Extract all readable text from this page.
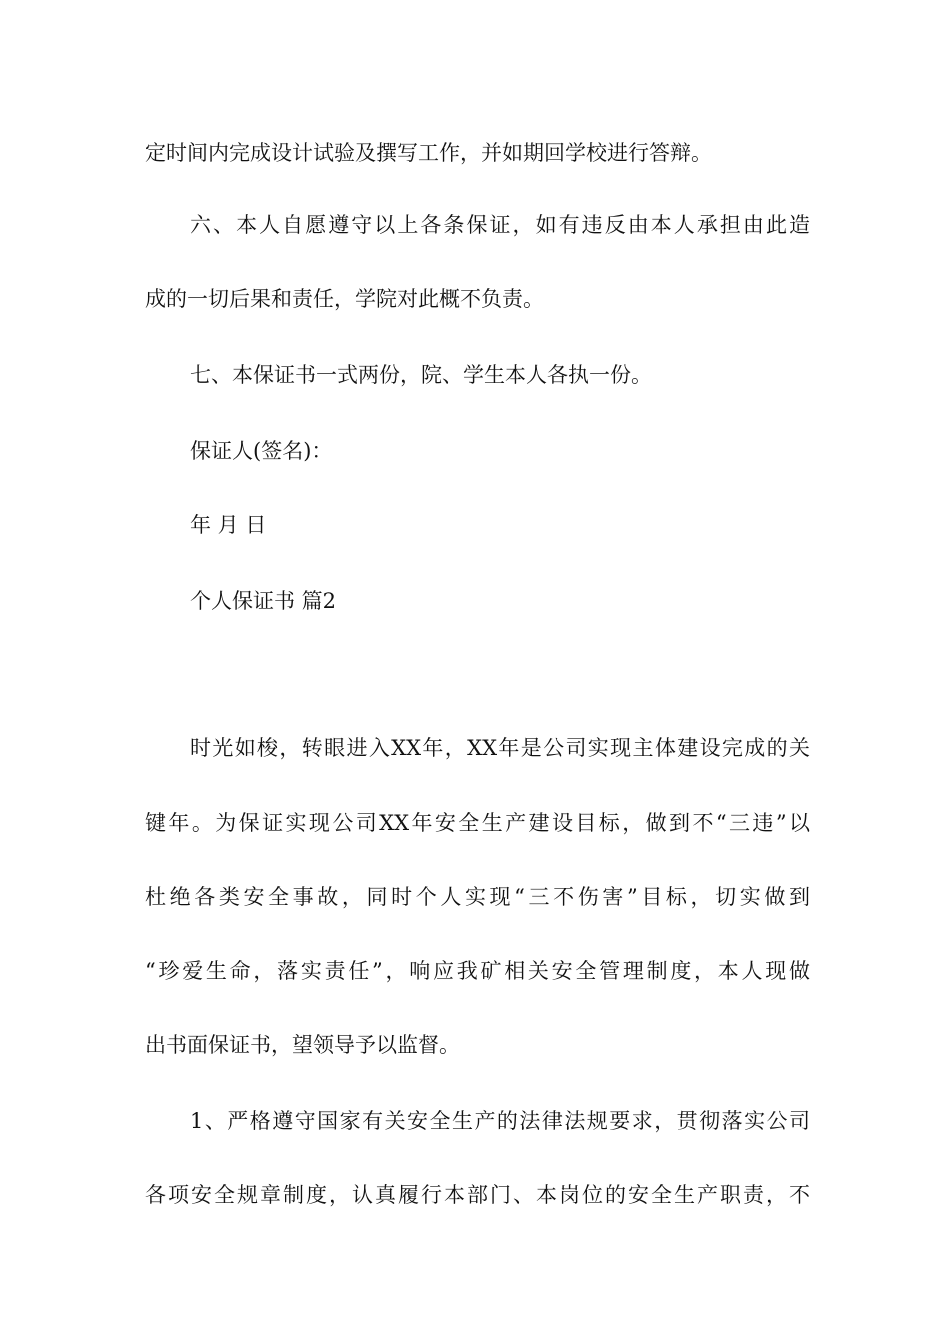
定时间内完成设计试验及撰写工作，并如期回学校进行答辩。
六、本人自愿遵守以上各条保证，如有违反由本人承担由此造
成的一切后果和责任，学院对此概不负责。
七、本保证书一式两份，院、学生本人各执一份。
保证人(签名)：
年 月 日
个人保证书 篇2
时光如梭，转眼进入XX年，XX年是公司实现主体建设完成的关
键年。为保证实现公司XX年安全生产建设目标，做到不“三违”以
杜绝各类安全事故，同时个人实现“三不伤害”目标，切实做到
“珍爱生命，落实责任”，响应我矿相关安全管理制度，本人现做
出书面保证书，望领导予以监督。
1、严格遵守国家有关安全生产的法律法规要求，贯彻落实公司
各项安全规章制度，认真履行本部门、本岗位的安全生产职责，不
